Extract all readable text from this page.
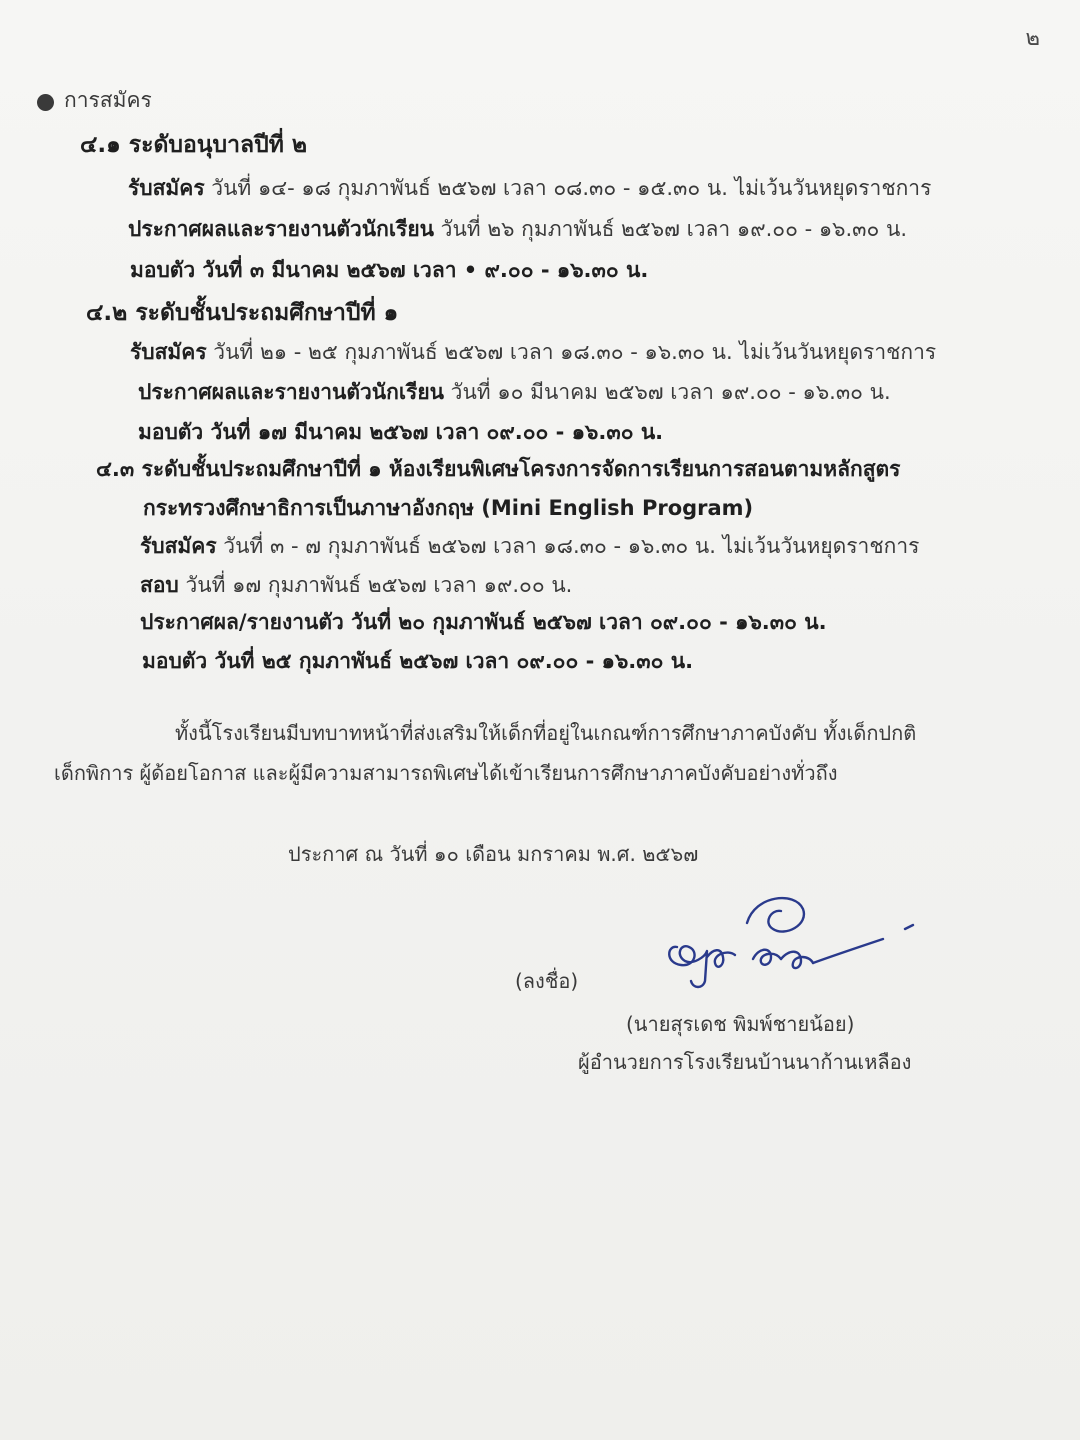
๒
การสมัคร
๔.๑ ระดับอนุบาลปีที่ ๒
รับสมัคร วันที่ ๑๔- ๑๘ กุมภาพันธ์ ๒๕๖๗ เวลา ๐๘.๓๐ - ๑๕.๓๐ น. ไม่เว้นวันหยุดราชการ
ประกาศผลและรายงานตัวนักเรียน วันที่ ๒๖ กุมภาพันธ์ ๒๕๖๗ เวลา ๑๙.๐๐ - ๑๖.๓๐ น.
มอบตัว วันที่ ๓ มีนาคม ๒๕๖๗ เวลา • ๙.๐๐ - ๑๖.๓๐ น.
๔.๒ ระดับชั้นประถมศึกษาปีที่ ๑
รับสมัคร วันที่ ๒๑ - ๒๕ กุมภาพันธ์ ๒๕๖๗ เวลา ๑๘.๓๐ - ๑๖.๓๐ น. ไม่เว้นวันหยุดราชการ
ประกาศผลและรายงานตัวนักเรียน วันที่ ๑๐ มีนาคม ๒๕๖๗ เวลา ๑๙.๐๐ - ๑๖.๓๐ น.
มอบตัว วันที่ ๑๗ มีนาคม ๒๕๖๗ เวลา ๐๙.๐๐ - ๑๖.๓๐ น.
๔.๓ ระดับชั้นประถมศึกษาปีที่ ๑ ห้องเรียนพิเศษโครงการจัดการเรียนการสอนตามหลักสูตร
กระทรวงศึกษาธิการเป็นภาษาอังกฤษ (Mini English Program)
รับสมัคร วันที่ ๓ - ๗ กุมภาพันธ์ ๒๕๖๗ เวลา ๑๘.๓๐ - ๑๖.๓๐ น. ไม่เว้นวันหยุดราชการ
สอบ วันที่ ๑๗ กุมภาพันธ์ ๒๕๖๗ เวลา ๑๙.๐๐ น.
ประกาศผล/รายงานตัว วันที่ ๒๐ กุมภาพันธ์ ๒๕๖๗ เวลา ๐๙.๐๐ - ๑๖.๓๐ น.
มอบตัว วันที่ ๒๕ กุมภาพันธ์ ๒๕๖๗ เวลา ๐๙.๐๐ - ๑๖.๓๐ น.
ทั้งนี้โรงเรียนมีบทบาทหน้าที่ส่งเสริมให้เด็กที่อยู่ในเกณฑ์การศึกษาภาคบังคับ ทั้งเด็กปกติ
เด็กพิการ ผู้ด้อยโอกาส และผู้มีความสามารถพิเศษได้เข้าเรียนการศึกษาภาคบังคับอย่างทั่วถึง
ประกาศ ณ วันที่ ๑๐ เดือน มกราคม พ.ศ. ๒๕๖๗
(ลงชื่อ)
(นายสุรเดช พิมพ์ชายน้อย)
ผู้อำนวยการโรงเรียนบ้านนาก้านเหลือง
